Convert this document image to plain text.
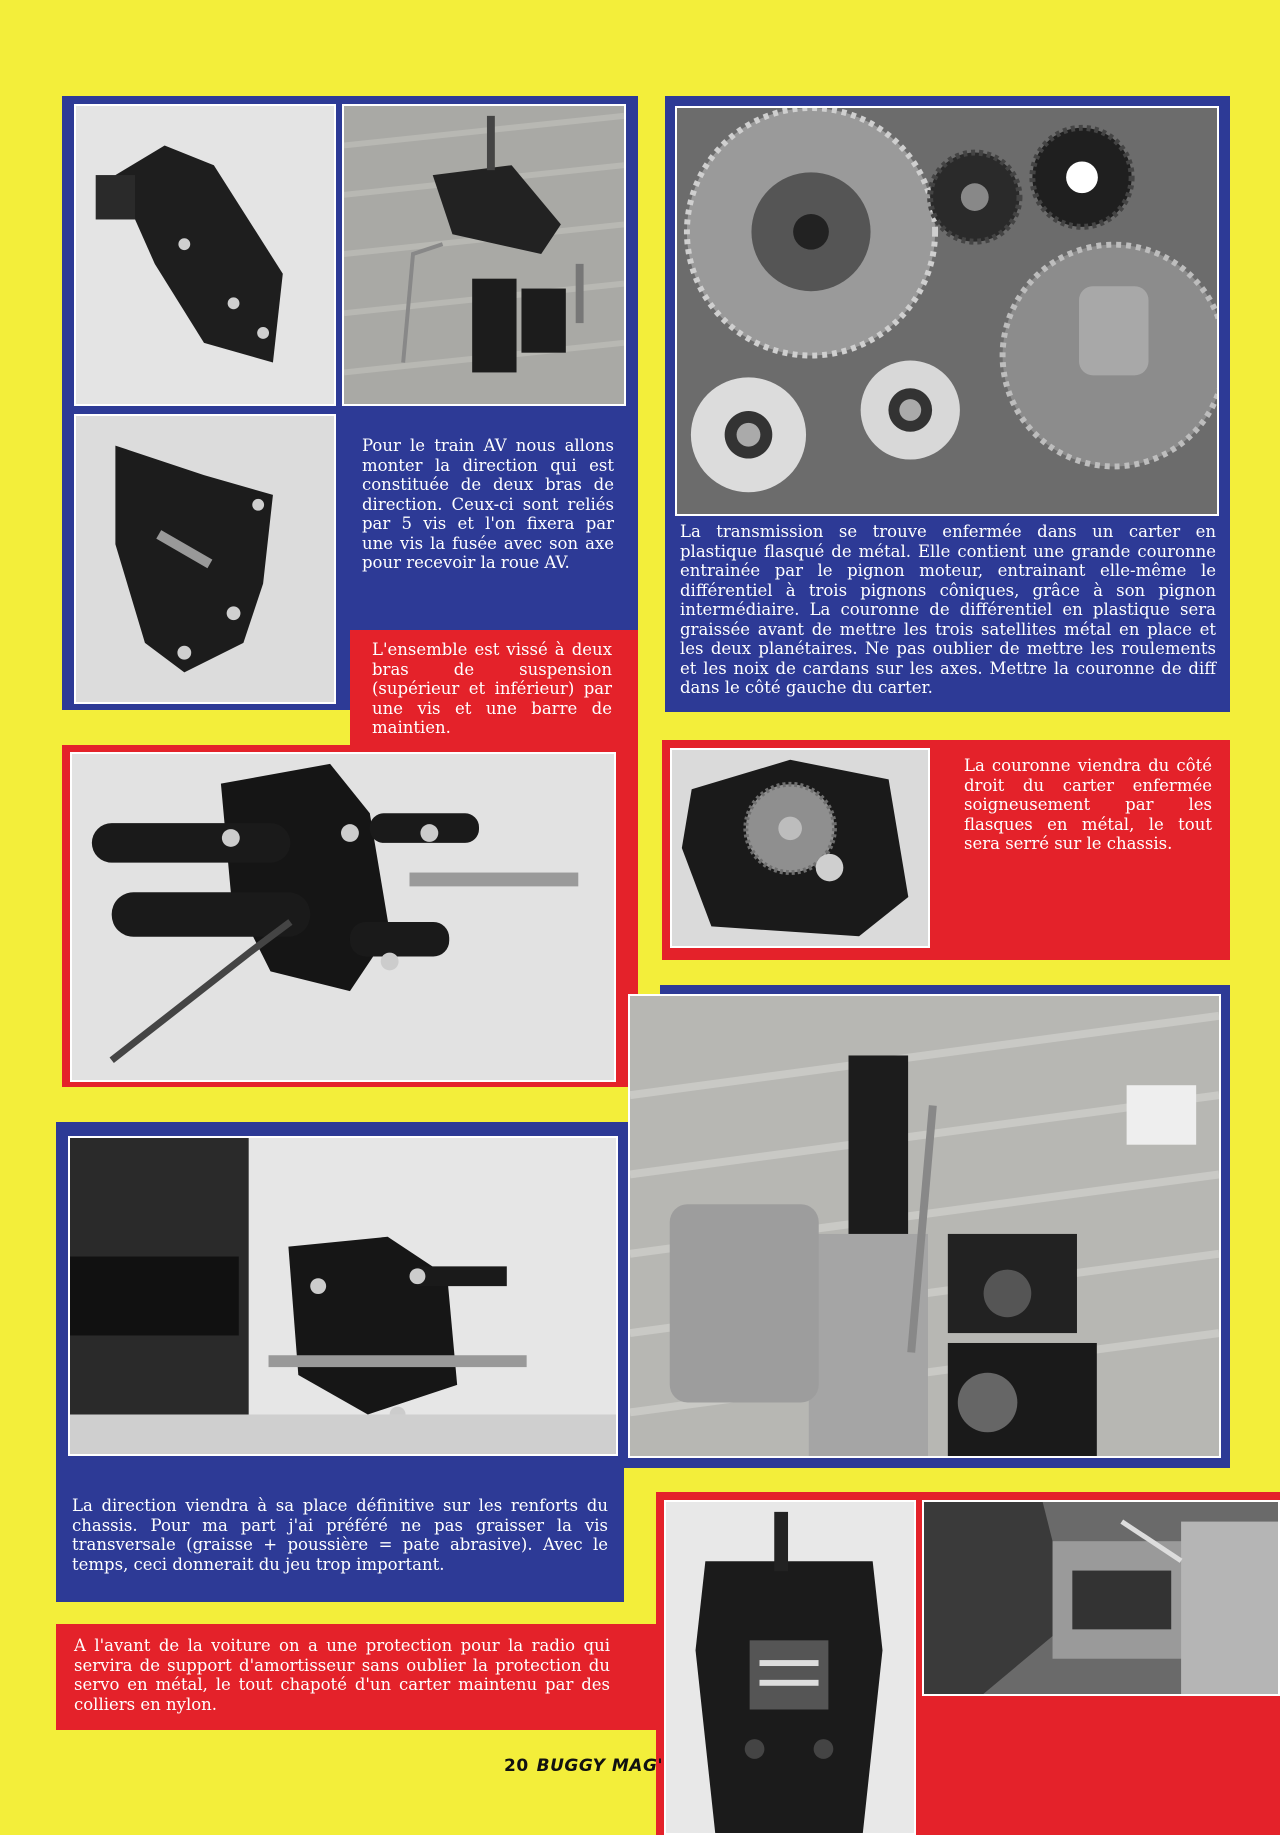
Pour le train AV nous allons monter la direction qui est constituée de deux bras de direction. Ceux-ci sont reliés par 5 vis et l'on fixera par une vis la fusée avec son axe pour recevoir la roue AV.

L'ensemble est vissé à deux bras de suspension (supérieur et inférieur) par une vis et une barre de maintien.

La transmission se trouve enfermée dans un carter en plastique flasqué de métal. Elle contient une grande couronne entrainée par le pignon moteur, entrainant elle-même le différentiel à trois pignons côniques, grâce à son pignon intermédiaire. La couronne de différentiel en plastique sera graissée avant de mettre les trois satellites métal en place et les deux planétaires. Ne pas oublier de mettre les roulements et les noix de cardans sur les axes. Mettre la couronne de diff dans le côté gauche du carter.

La couronne viendra du côté droit du carter enfermée soigneusement par les flasques en métal, le tout sera serré sur le chassis.

La direction viendra à sa place définitive sur les renforts du chassis. Pour ma part j'ai préféré ne pas graisser la vis transversale (graisse + poussière = pate abrasive). Avec le temps, ceci donnerait du jeu trop important.

A l'avant de la voiture on a une protection pour la radio qui servira de support d'amortisseur sans oublier la protection du servo en métal, le tout chapoté d'un carter maintenu par des colliers en nylon.

20 BUGGY MAG'
